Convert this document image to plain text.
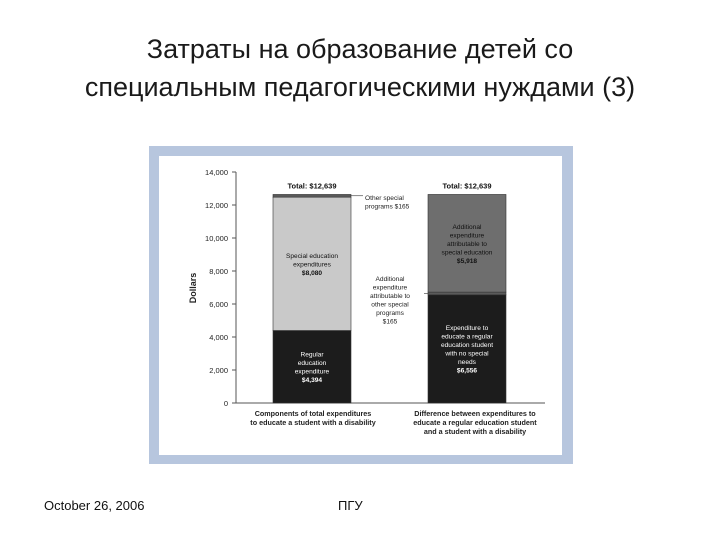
Затраты на образование детей со
специальным педагогическими нуждами (3)
0
2,000
4,000
6,000
8,000
10,000
12,000
14,000
Dollars
Regular
education
expenditure
$4,394
Special education
expenditures
$8,080
Total: $12,639
Expenditure to
educate a regular
education student
with no special
needs
$6,556
Additional
expenditure
attributable to
special education
$5,918
Total: $12,639
Components of total expenditures
to educate a student with a disability
Difference between expenditures to
educate a regular education student
and a student with a disability
Other special
programs $165
Additional
expenditure
attributable to
other special
programs
$165
October 26, 2006	ПГУ
